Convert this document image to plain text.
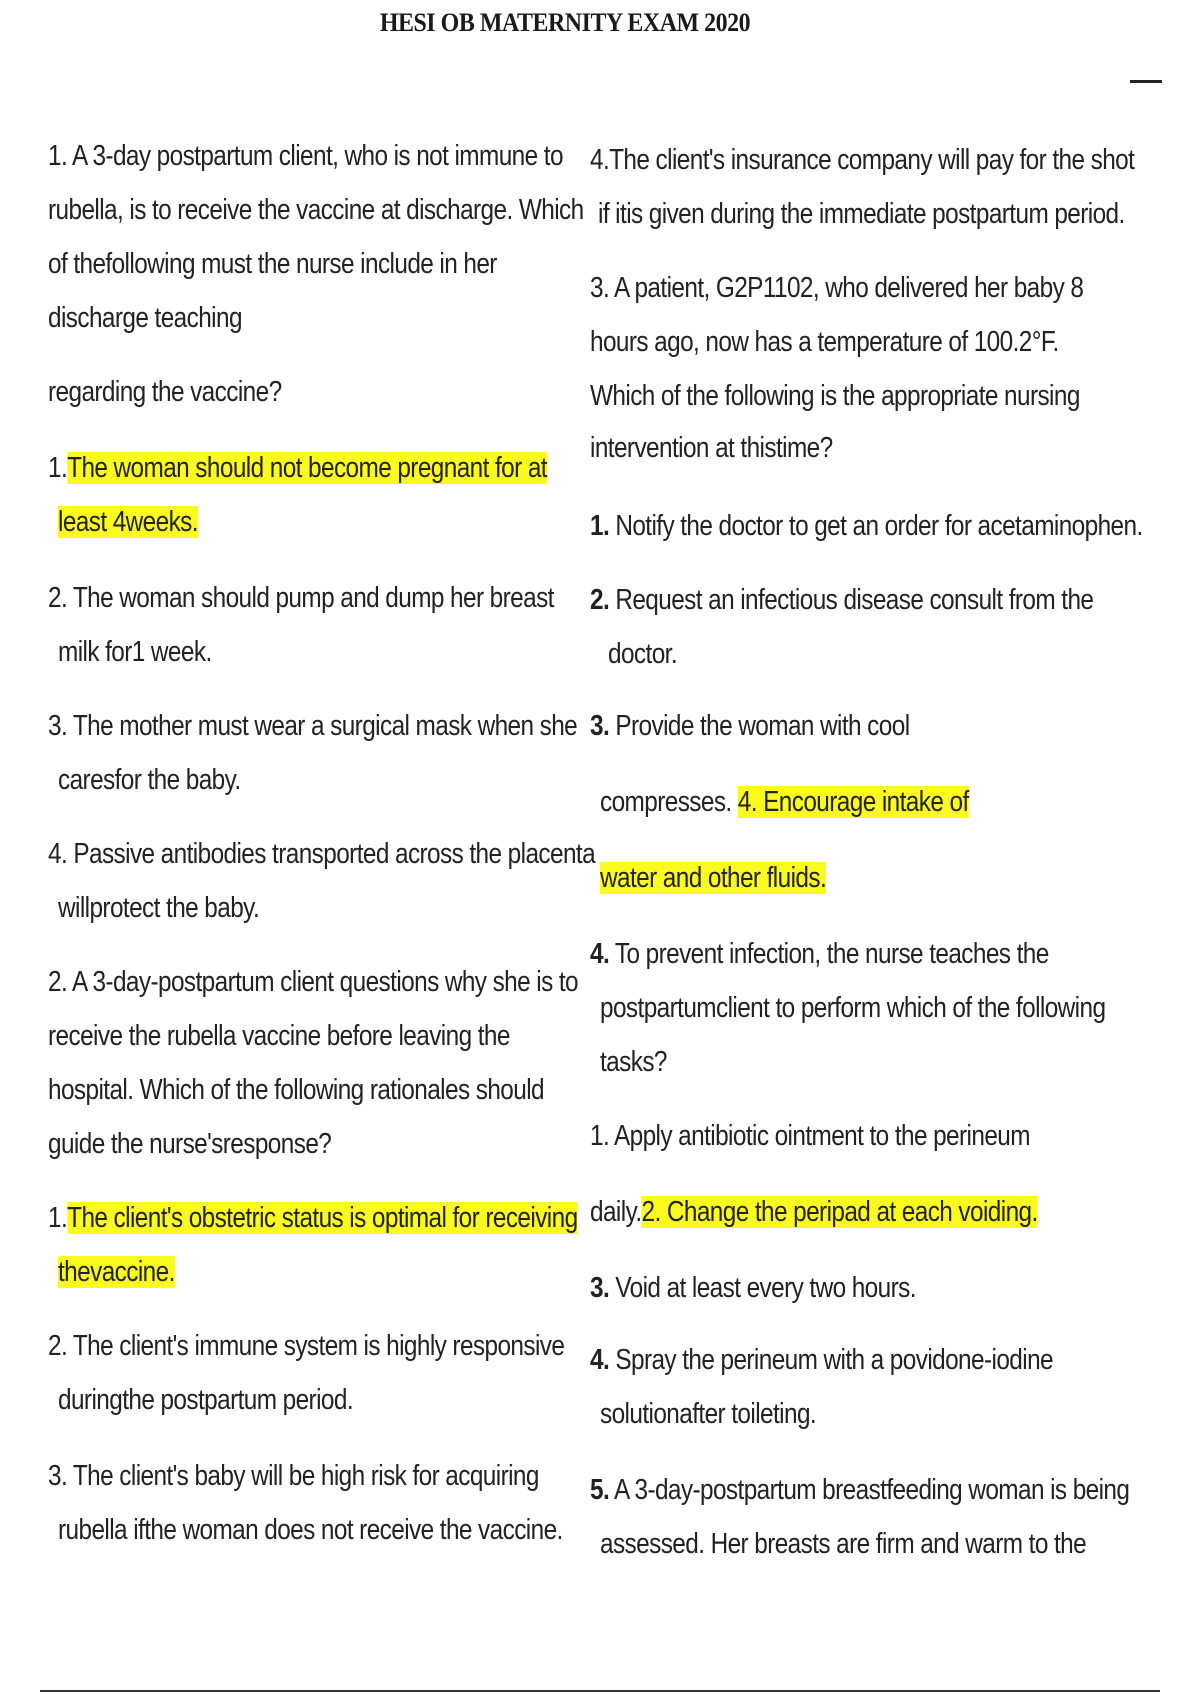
HESI OB MATERNITY EXAM 2020
1. A 3-day postpartum client, who is not immune to
rubella, is to receive the vaccine at discharge. Which
of thefollowing must the nurse include in her
discharge teaching
regarding the vaccine?
1.The woman should not become pregnant for at
least 4weeks.
2. The woman should pump and dump her breast
milk for1 week.
3. The mother must wear a surgical mask when she
caresfor the baby.
4. Passive antibodies transported across the placenta
willprotect the baby.
2. A 3-day-postpartum client questions why she is to
receive the rubella vaccine before leaving the
hospital. Which of the following rationales should
guide the nurse'sresponse?
1.The client's obstetric status is optimal for receiving
thevaccine.
2. The client's immune system is highly responsive
duringthe postpartum period.
3. The client's baby will be high risk for acquiring
rubella ifthe woman does not receive the vaccine.
4.The client's insurance company will pay for the shot
if itis given during the immediate postpartum period.
3. A patient, G2P1102, who delivered her baby 8
hours ago, now has a temperature of 100.2°F.
Which of the following is the appropriate nursing
intervention at thistime?
1. Notify the doctor to get an order for acetaminophen.
2. Request an infectious disease consult from the
doctor.
3. Provide the woman with cool
compresses. 4. Encourage intake of
water and other fluids.
4. To prevent infection, the nurse teaches the
postpartumclient to perform which of the following
tasks?
1. Apply antibiotic ointment to the perineum
daily.2. Change the peripad at each voiding.
3. Void at least every two hours.
4. Spray the perineum with a povidone-iodine
solutionafter toileting.
5. A 3-day-postpartum breastfeeding woman is being
assessed. Her breasts are firm and warm to the
